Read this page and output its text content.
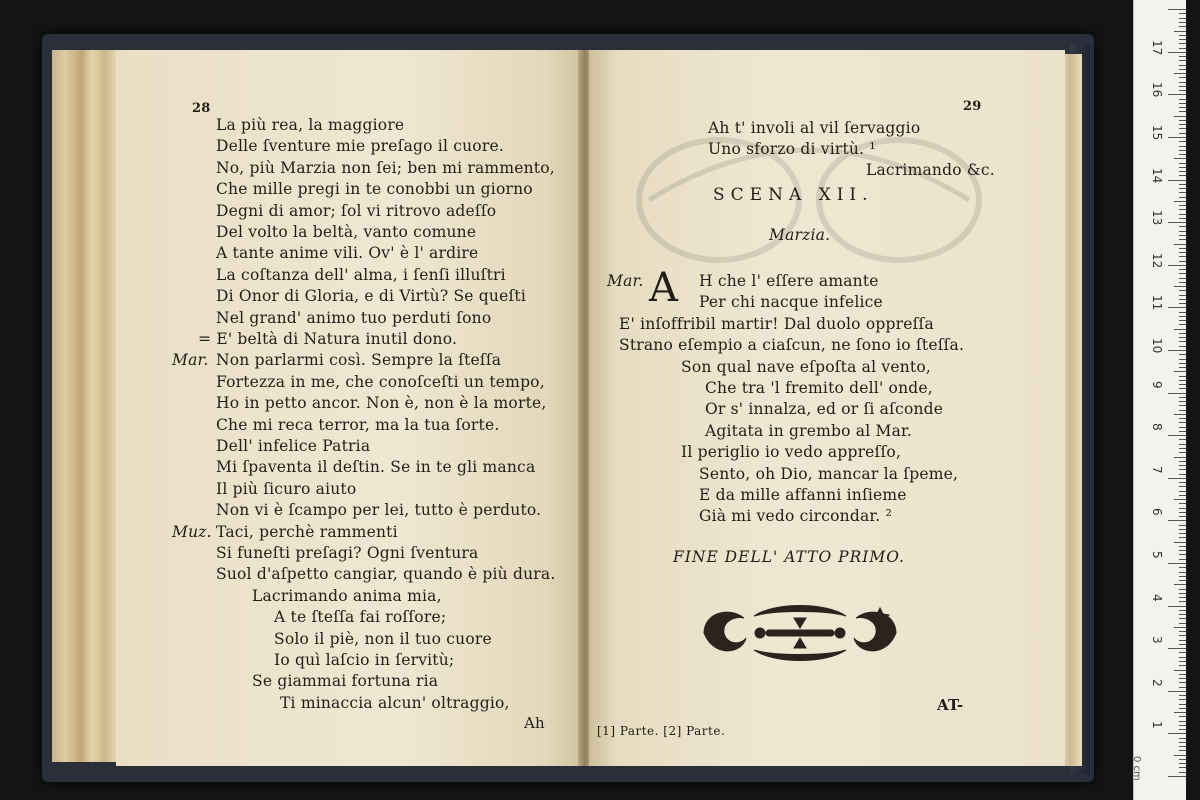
28
Ah
La più rea, la maggiore
Delle ſventure mie preſago il cuore.
No, più Marzia non ſei; ben mi rammento,
Che mille pregi in te conobbi un giorno
Degni di amor; ſol vi ritrovo adeſſo
Del volto la beltà, vanto comune
A tante anime vili. Ov' è l' ardire
La coſtanza dell' alma, i ſenſi illuſtri
Di Onor di Gloria, e di Virtù? Se queſti
Nel grand' animo tuo perduti ſono
= E' beltà di Natura inutil dono.
Non parlarmi così. Sempre la ſteſſa
Mar.
Fortezza in me, che conoſceſti un tempo,
Ho in petto ancor. Non è, non è la morte,
Che mi reca terror, ma la tua ſorte.
Dell' infelice Patria
Mi ſpaventa il deſtin. Se in te gli manca
Il più ſicuro aiuto
Non vi è ſcampo per lei, tutto è perduto.
Taci, perchè rammenti
Muz.
Si funeſti preſagi? Ogni ſventura
Suol d'aſpetto cangiar, quando è più dura.
Lacrimando anima mia,
A te ſteſſa fai roſſore;
Solo il piè, non il tuo cuore
Io quì laſcio in ſervitù;
Se giammai fortuna ria
Ti minaccia alcun' oltraggio,
29
Ah t' involi al vil ſervaggio
Uno sforzo di virtù. ¹
Lacrimando &c.
SCENA XII.
Marzia.
Mar. A
FINE DELL' ATTO PRIMO.
[1] Parte. [2] Parte.
AT-
H che l' eſſere amante
Per chi nacque infelice
E' inſoffribil martir! Dal duolo oppreſſa
Strano eſempio a ciaſcun, ne ſono io ſteſſa.
Son qual nave eſpoſta al vento,
Che tra 'l fremito dell' onde,
Or s' innalza, ed or ſi aſconde
Agitata in grembo al Mar.
Il periglio io vedo appreſſo,
Sento, oh Dio, mancar la ſpeme,
E da mille affanni inſieme
Già mi vedo circondar. ²
17
16
15
14
13
12
11
10
9
8
7
6
5
4
3
2
1
0 cm
